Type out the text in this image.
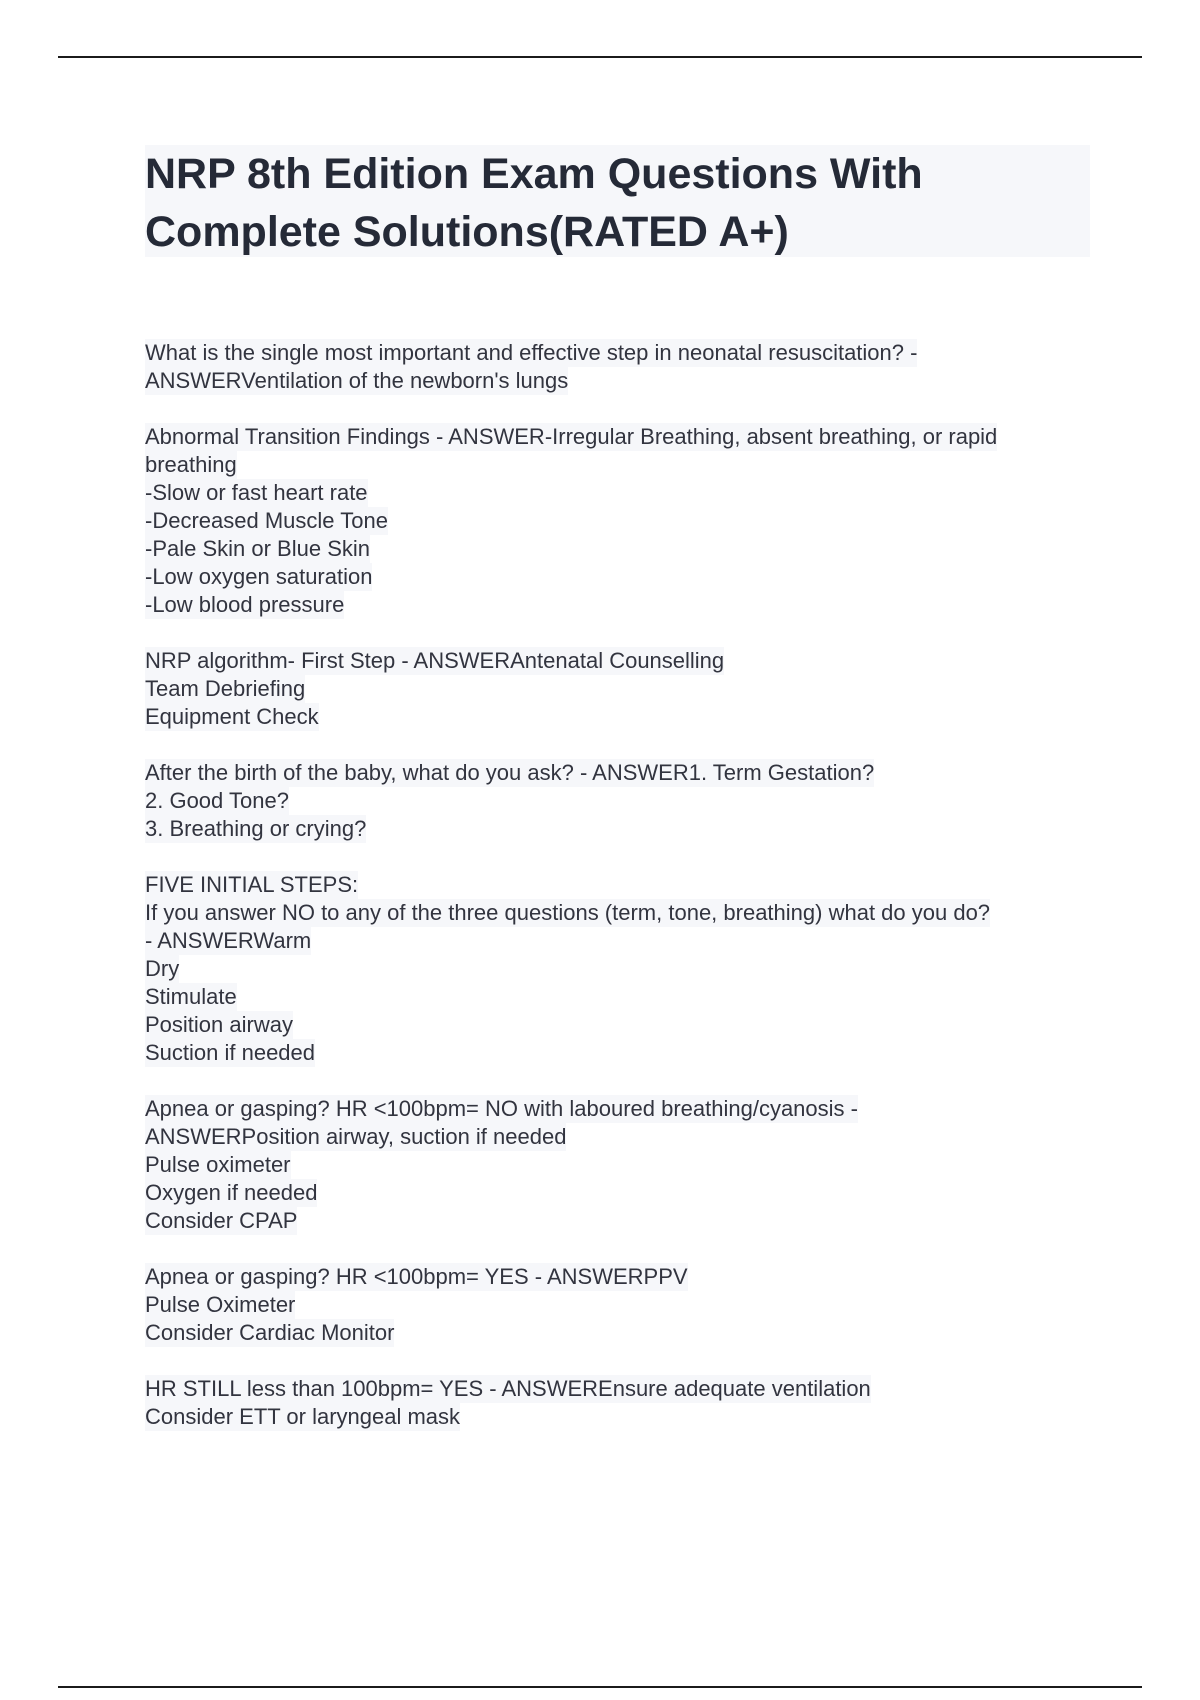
NRP 8th Edition Exam Questions With
Complete Solutions(RATED A+)
What is the single most important and effective step in neonatal resuscitation? -
ANSWERVentilation of the newborn's lungs
Abnormal Transition Findings - ANSWER-Irregular Breathing, absent breathing, or rapid
breathing
-Slow or fast heart rate
-Decreased Muscle Tone
-Pale Skin or Blue Skin
-Low oxygen saturation
-Low blood pressure
NRP algorithm- First Step - ANSWERAntenatal Counselling
Team Debriefing
Equipment Check
After the birth of the baby, what do you ask? - ANSWER1. Term Gestation?
2. Good Tone?
3. Breathing or crying?
FIVE INITIAL STEPS:
If you answer NO to any of the three questions (term, tone, breathing) what do you do?
- ANSWERWarm
Dry
Stimulate
Position airway
Suction if needed
Apnea or gasping? HR <100bpm= NO with laboured breathing/cyanosis -
ANSWERPosition airway, suction if needed
Pulse oximeter
Oxygen if needed
Consider CPAP
Apnea or gasping? HR <100bpm= YES - ANSWERPPV
Pulse Oximeter
Consider Cardiac Monitor
HR STILL less than 100bpm= YES - ANSWEREnsure adequate ventilation
Consider ETT or laryngeal mask
